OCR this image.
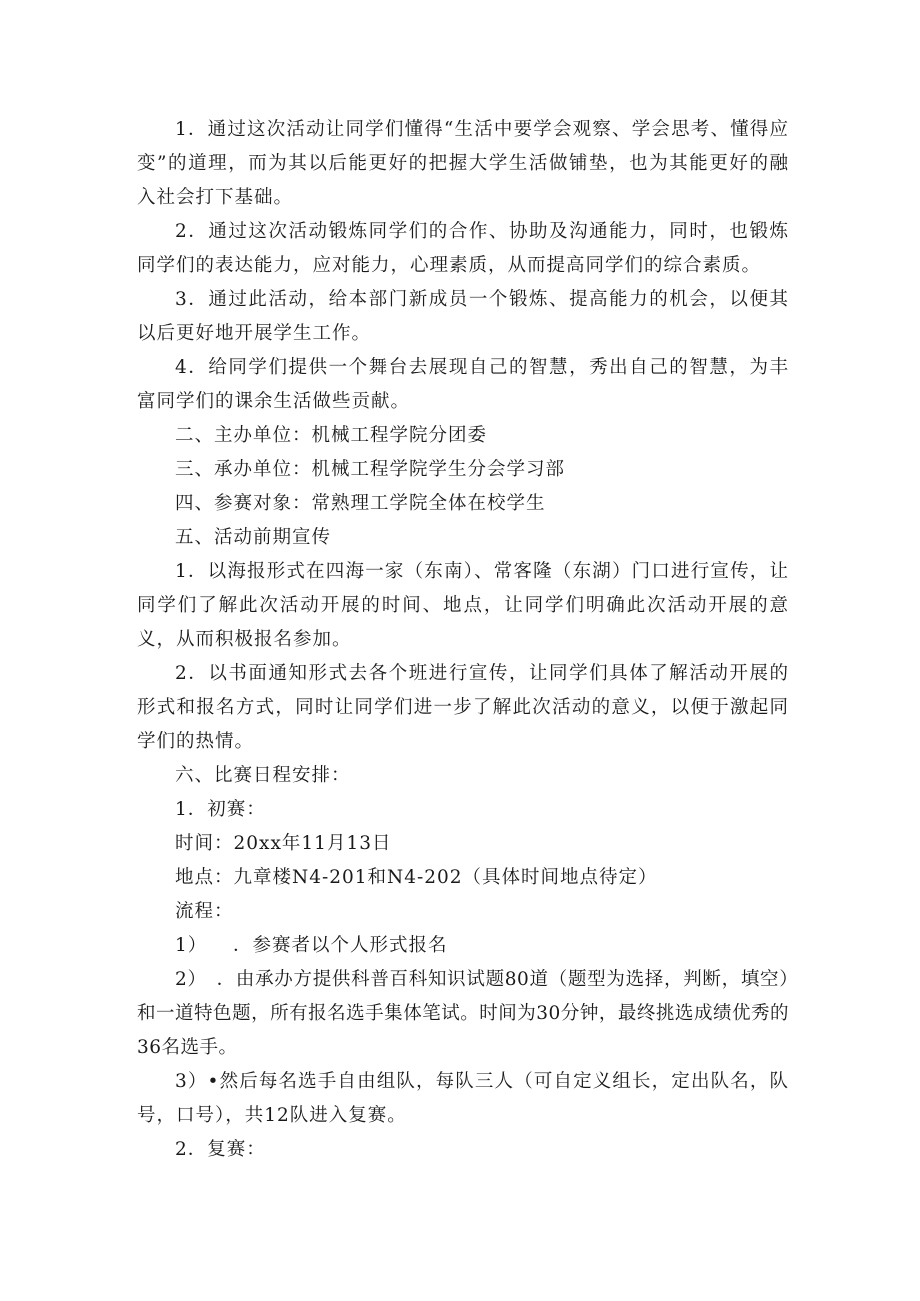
1．通过这次活动让同学们懂得“生活中要学会观察、学会思考、懂得应变”的道理，而为其以后能更好的把握大学生活做铺垫，也为其能更好的融入社会打下基础。

2．通过这次活动锻炼同学们的合作、协助及沟通能力，同时，也锻炼同学们的表达能力，应对能力，心理素质，从而提高同学们的综合素质。

3．通过此活动，给本部门新成员一个锻炼、提高能力的机会，以便其以后更好地开展学生工作。

4．给同学们提供一个舞台去展现自己的智慧，秀出自己的智慧，为丰富同学们的课余生活做些贡献。

二、主办单位：机械工程学院分团委

三、承办单位：机械工程学院学生分会学习部

四、参赛对象：常熟理工学院全体在校学生

五、活动前期宣传

1．以海报形式在四海一家（东南）、常客隆（东湖）门口进行宣传，让同学们了解此次活动开展的时间、地点，让同学们明确此次活动开展的意义，从而积极报名参加。

2．以书面通知形式去各个班进行宣传，让同学们具体了解活动开展的形式和报名方式，同时让同学们进一步了解此次活动的意义，以便于激起同学们的热情。

六、比赛日程安排：

1．初赛：

时间：20xx年11月13日

地点：九章楼N4-201和N4-202（具体时间地点待定）

流程：

1） ．参赛者以个人形式报名

2）　．由承办方提供科普百科知识试题80道（题型为选择，判断，填空）和一道特色题，所有报名选手集体笔试。时间为30分钟，最终挑选成绩优秀的36名选手。

3）•然后每名选手自由组队，每队三人（可自定义组长，定出队名，队号，口号），共12队进入复赛。

2．复赛：
